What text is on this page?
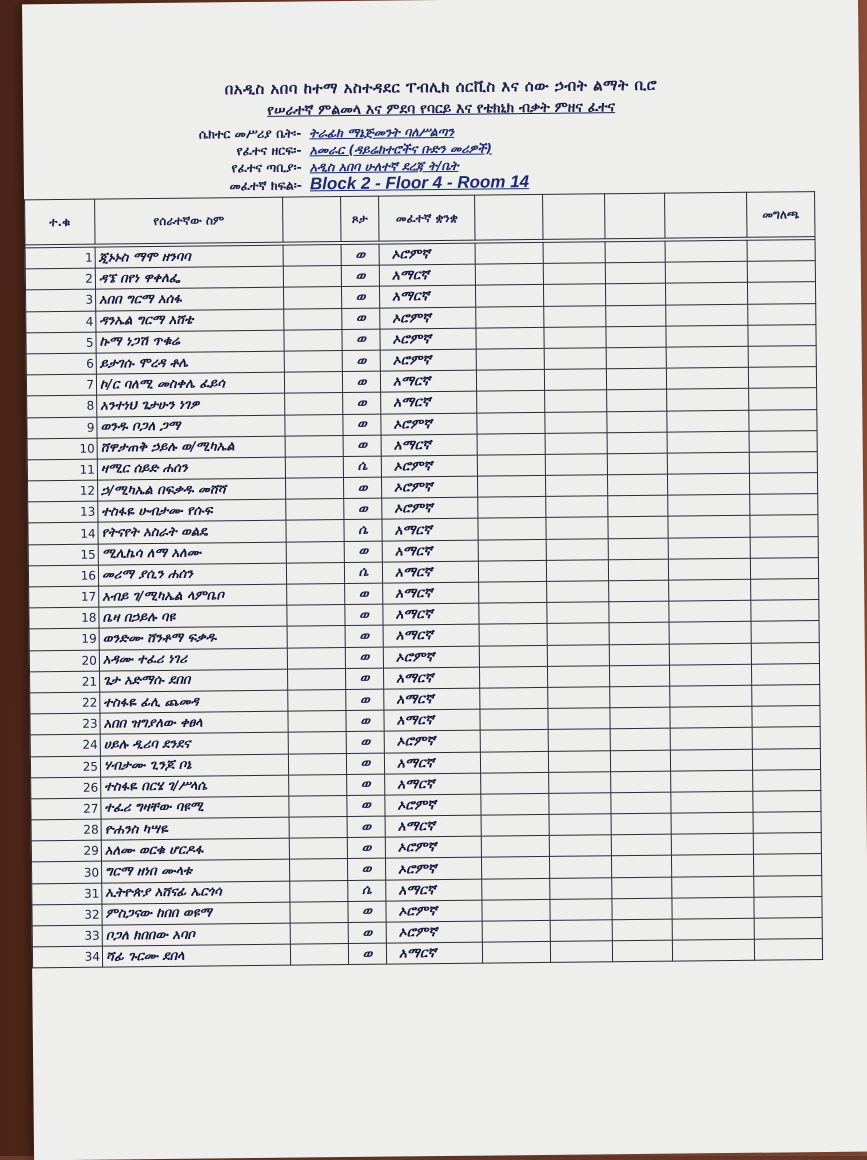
በአዲስ አበባ ከተማ አስተዳደር ፐብሊክ ሰርቪስ እና ሰው ኃብት ልማት ቢሮ
የሠራተኛ ምልመላ እና ምደባ የባርይ እና የቴክኒክ ብቃት ምዘና ፈተና
ሴክተር መሥሪያ ቤት፡- ትራፊክ ማኔጅመንት ባለሥልጣን
የፈተና ዘርፍ፡- አመራር (ዳይሬክተሮችና ቡድን መሪዎች)
የፈተና ጣቢያ፡- አዲስ አበባ ሁለተኛ ደረጃ ት/ቤት
መፈተኛ ክፍል፡- Block 2 - Floor 4 - Room 14
ተ.ቁ	የሰራተኛው ስም		ጾታ	መፈተኛ ቋንቋ					መግለጫ

1	ጂኑኑስ ማሞ ዘንባባ		ወ	ኦሮምኛ					
2	ዳኜ በየነ ዋቀለፌ		ወ	አማርኛ					
3	አበበ ግርማ አሰፋ		ወ	አማርኛ					
4	ዳንኤል ግርማ አሸቴ		ወ	ኦሮምኛ					
5	ኩማ ነጋሽ ጥቁሬ		ወ	ኦሮምኛ					
6	ይታገሱ ሞረዳ ቶሌ		ወ	ኦሮምኛ					
7	ኮ/ር ባለሚ መስቀሌ ፈይሳ		ወ	አማርኛ					
8	አንተነህ ጌታሁን ነገዎ		ወ	አማርኛ					
9	ወንዱ ቦጋለ ጋማ		ወ	ኦሮምኛ					
10	ሸዋታጠቅ ኃይሉ ወ/ሚካኤል		ወ	አማርኛ					
11	ዛሚር ሰይድ ሐሰን		ሴ	ኦሮምኛ					
12	ኃ/ሚካኤል በፍቃዱ መሸሻ		ወ	ኦሮምኛ					
13	ተስፋዬ ሁብታሙ የሱፍ		ወ	ኦሮምኛ					
14	የትናየት አስራት ወልዴ		ሴ	አማርኛ					
15	ሚሊኬሳ ለማ አለሙ		ወ	አማርኛ					
16	መሪማ ያሲን ሐሰን		ሴ	አማርኛ					
17	አብይ ገ/ሚካኤል ላምቤቦ		ወ	አማርኛ					
18	ቤዛ በኃይሉ ባዩ		ወ	አማርኛ					
19	ወንድሙ ሸንቶማ ፍቃዱ		ወ	አማርኛ					
20	አዳሙ ተፈሪ ነገሪ		ወ	ኦሮምኛ					
21	ጌታ አድማሱ ደበበ		ወ	አማርኛ					
22	ተስፋዬ ፊሊ ጨመዳ		ወ	አማርኛ					
23	አበበ ዝግያለው ቀፀላ		ወ	አማርኛ					
24	ሀይሉ ዲሪባ ደንደና		ወ	ኦሮምኛ					
25	ሃብታሙ ጊንጆ ቦኔ		ወ	አማርኛ					
26	ተስፋዬ በርሄ ገ/ሥላሴ		ወ	አማርኛ					
27	ተፈሪ ግዛቸው ባዩሚ		ወ	ኦሮምኛ					
28	ዮሐንስ ካሣዬ		ወ	አማርኛ					
29	አለሙ ወርቁ ሆርዶፋ		ወ	ኦሮምኛ					
30	ግርማ ዘነበ ሙላቱ		ወ	ኦሮምኛ					
31	ኢትዮጵያ አሸናፊ ኤርጎሳ		ሴ	አማርኛ					
32	ምስጋናው ከበበ ወዩማ		ወ	ኦሮምኛ					
33	ቦጋለ ክበበው አባቦ		ወ	ኦሮምኛ					
34	ሻፊ ጉርሙ ደበላ		ወ	አማርኛ					
